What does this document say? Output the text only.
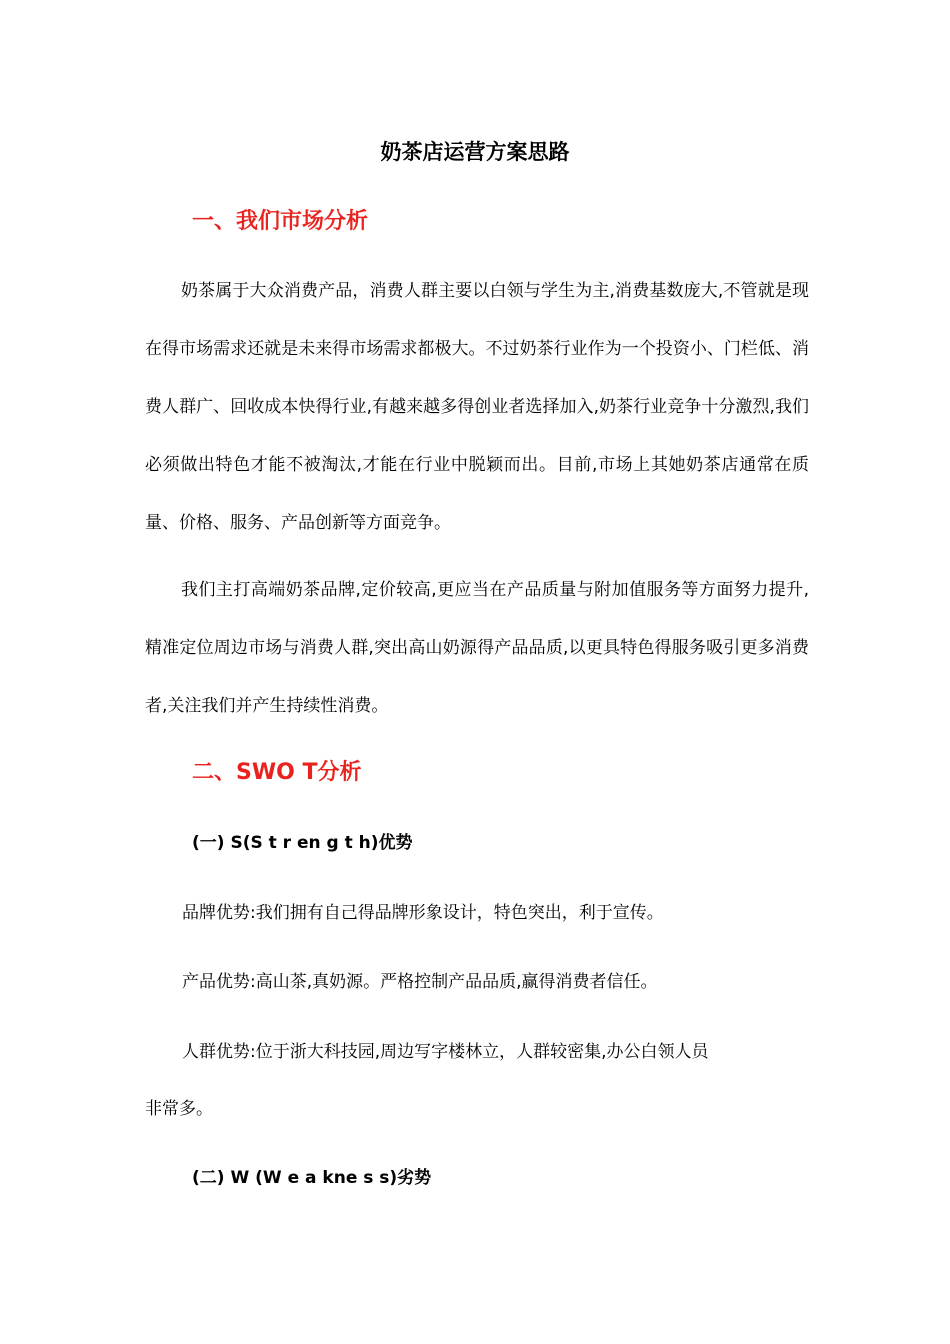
奶茶店运营方案思路
一、我们市场分析

奶茶属于大众消费产品，消费人群主要以白领与学生为主,消费基数庞大,不管就是现在得市场需求还就是未来得市场需求都极大。不过奶茶行业作为一个投资小、门栏低、消费人群广、回收成本快得行业,有越来越多得创业者选择加入,奶茶行业竞争十分激烈,我们必须做出特色才能不被淘汰,才能在行业中脱颖而出。目前,市场上其她奶茶店通常在质量、价格、服务、产品创新等方面竞争。

我们主打高端奶茶品牌,定价较高,更应当在产品质量与附加值服务等方面努力提升,精准定位周边市场与消费人群,突出高山奶源得产品品质,以更具特色得服务吸引更多消费者,关注我们并产生持续性消费。

二、SWO T分析
(一) S(S t r en g t h)优势
品牌优势:我们拥有自己得品牌形象设计，特色突出，利于宣传。
产品优势:高山茶,真奶源。严格控制产品品质,赢得消费者信任。
人群优势:位于浙大科技园,周边写字楼林立，人群较密集,办公白领人员
非常多。
(二) W (W e a kne s s)劣势
